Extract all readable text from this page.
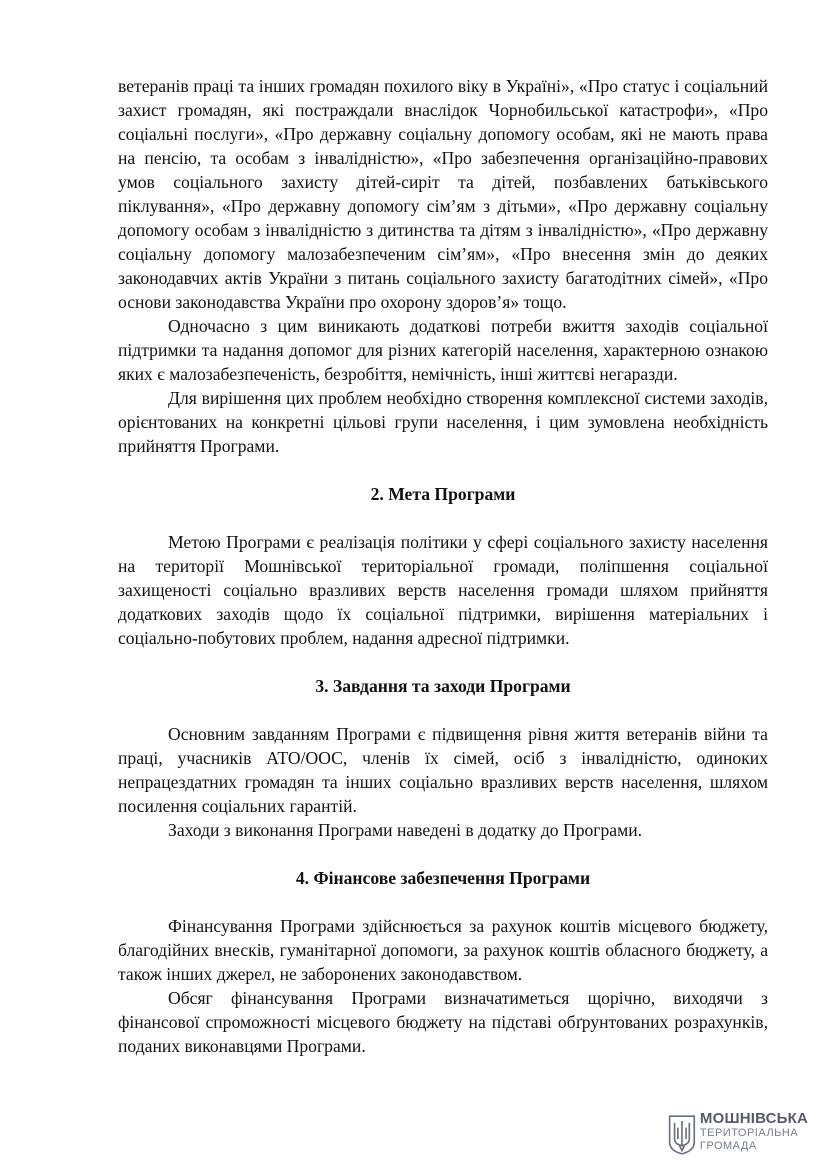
ветеранів праці та інших громадян похилого віку в Україні», «Про статус і соціальний захист громадян, які постраждали внаслідок Чорнобильської катастрофи», «Про соціальні послуги», «Про державну соціальну допомогу особам, які не мають права на пенсію, та особам з інвалідністю», «Про забезпечення організаційно-правових умов соціального захисту дітей-сиріт та дітей, позбавлених батьківського піклування», «Про державну допомогу сім’ям з дітьми», «Про державну соціальну допомогу особам з інвалідністю з дитинства та дітям з інвалідністю», «Про державну соціальну допомогу малозабезпеченим сім’ям», «Про внесення змін до деяких законодавчих актів України з питань соціального захисту багатодітних сімей», «Про основи законодавства України про охорону здоров’я» тощо.

Одночасно з цим виникають додаткові потреби вжиття заходів соціальної підтримки та надання допомог для різних категорій населення, характерною ознакою яких є малозабезпеченість, безробіття, немічність, інші життєві негаразди.

Для вирішення цих проблем необхідно створення комплексної системи заходів, орієнтованих на конкретні цільові групи населення, і цим зумовлена необхідність прийняття Програми.

2. Мета Програми

Метою Програми є реалізація політики у сфері соціального захисту населення на території Мошнівської територіальної громади, поліпшення соціальної захищеності соціально вразливих верств населення громади шляхом прийняття додаткових заходів щодо їх соціальної підтримки, вирішення матеріальних і соціально-побутових проблем, надання адресної підтримки.

3. Завдання та заходи Програми

Основним завданням Програми є підвищення рівня життя ветеранів війни та праці, учасників АТО/ООС, членів їх сімей, осіб з інвалідністю, одиноких непрацездатних громадян та інших соціально вразливих верств населення, шляхом посилення соціальних гарантій.

Заходи з виконання Програми наведені в додатку до Програми.

4. Фінансове забезпечення Програми

Фінансування Програми здійснюється за рахунок коштів місцевого бюджету, благодійних внесків, гуманітарної допомоги, за рахунок коштів обласного бюджету, а також інших джерел, не заборонених законодавством.

Обсяг фінансування Програми визначатиметься щорічно, виходячи з фінансової спроможності місцевого бюджету на підставі обґрунтованих розрахунків, поданих виконавцями Програми.

МОШНІВСЬКА
ТЕРИТОРІАЛЬНА
ГРОМАДА
